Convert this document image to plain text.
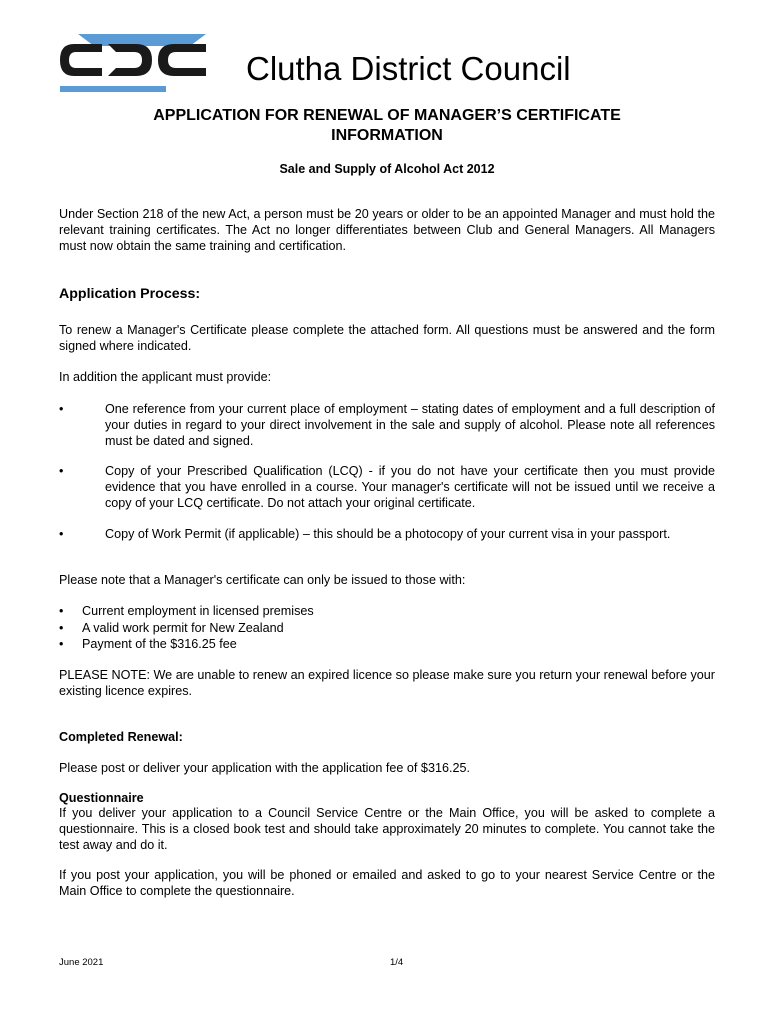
Clutha District Council
APPLICATION FOR RENEWAL OF MANAGER’S CERTIFICATE
INFORMATION
Sale and Supply of Alcohol Act 2012
Under Section 218 of the new Act, a person must be 20 years or older to be an appointed Manager and must hold the relevant training certificates. The Act no longer differentiates between Club and General Managers. All Managers must now obtain the same training and certification.
Application Process:
To renew a Manager's Certificate please complete the attached form. All questions must be answered and the form signed where indicated.
In addition the applicant must provide:
•	One reference from your current place of employment – stating dates of employment and a full description of your duties in regard to your direct involvement in the sale and supply of alcohol. Please note all references must be dated and signed.
•	Copy of your Prescribed Qualification (LCQ) - if you do not have your certificate then you must provide evidence that you have enrolled in a course. Your manager's certificate will not be issued until we receive a copy of your LCQ certificate. Do not attach your original certificate.
•	Copy of Work Permit (if applicable) – this should be a photocopy of your current visa in your passport.
Please note that a Manager's certificate can only be issued to those with:
• Current employment in licensed premises
• A valid work permit for New Zealand
• Payment of the $316.25 fee
PLEASE NOTE: We are unable to renew an expired licence so please make sure you return your renewal before your existing licence expires.
Completed Renewal:
Please post or deliver your application with the application fee of $316.25.
Questionnaire
If you deliver your application to a Council Service Centre or the Main Office, you will be asked to complete a questionnaire. This is a closed book test and should take approximately 20 minutes to complete. You cannot take the test away and do it.
If you post your application, you will be phoned or emailed and asked to go to your nearest Service Centre or the Main Office to complete the questionnaire.
June 2021	1/4
